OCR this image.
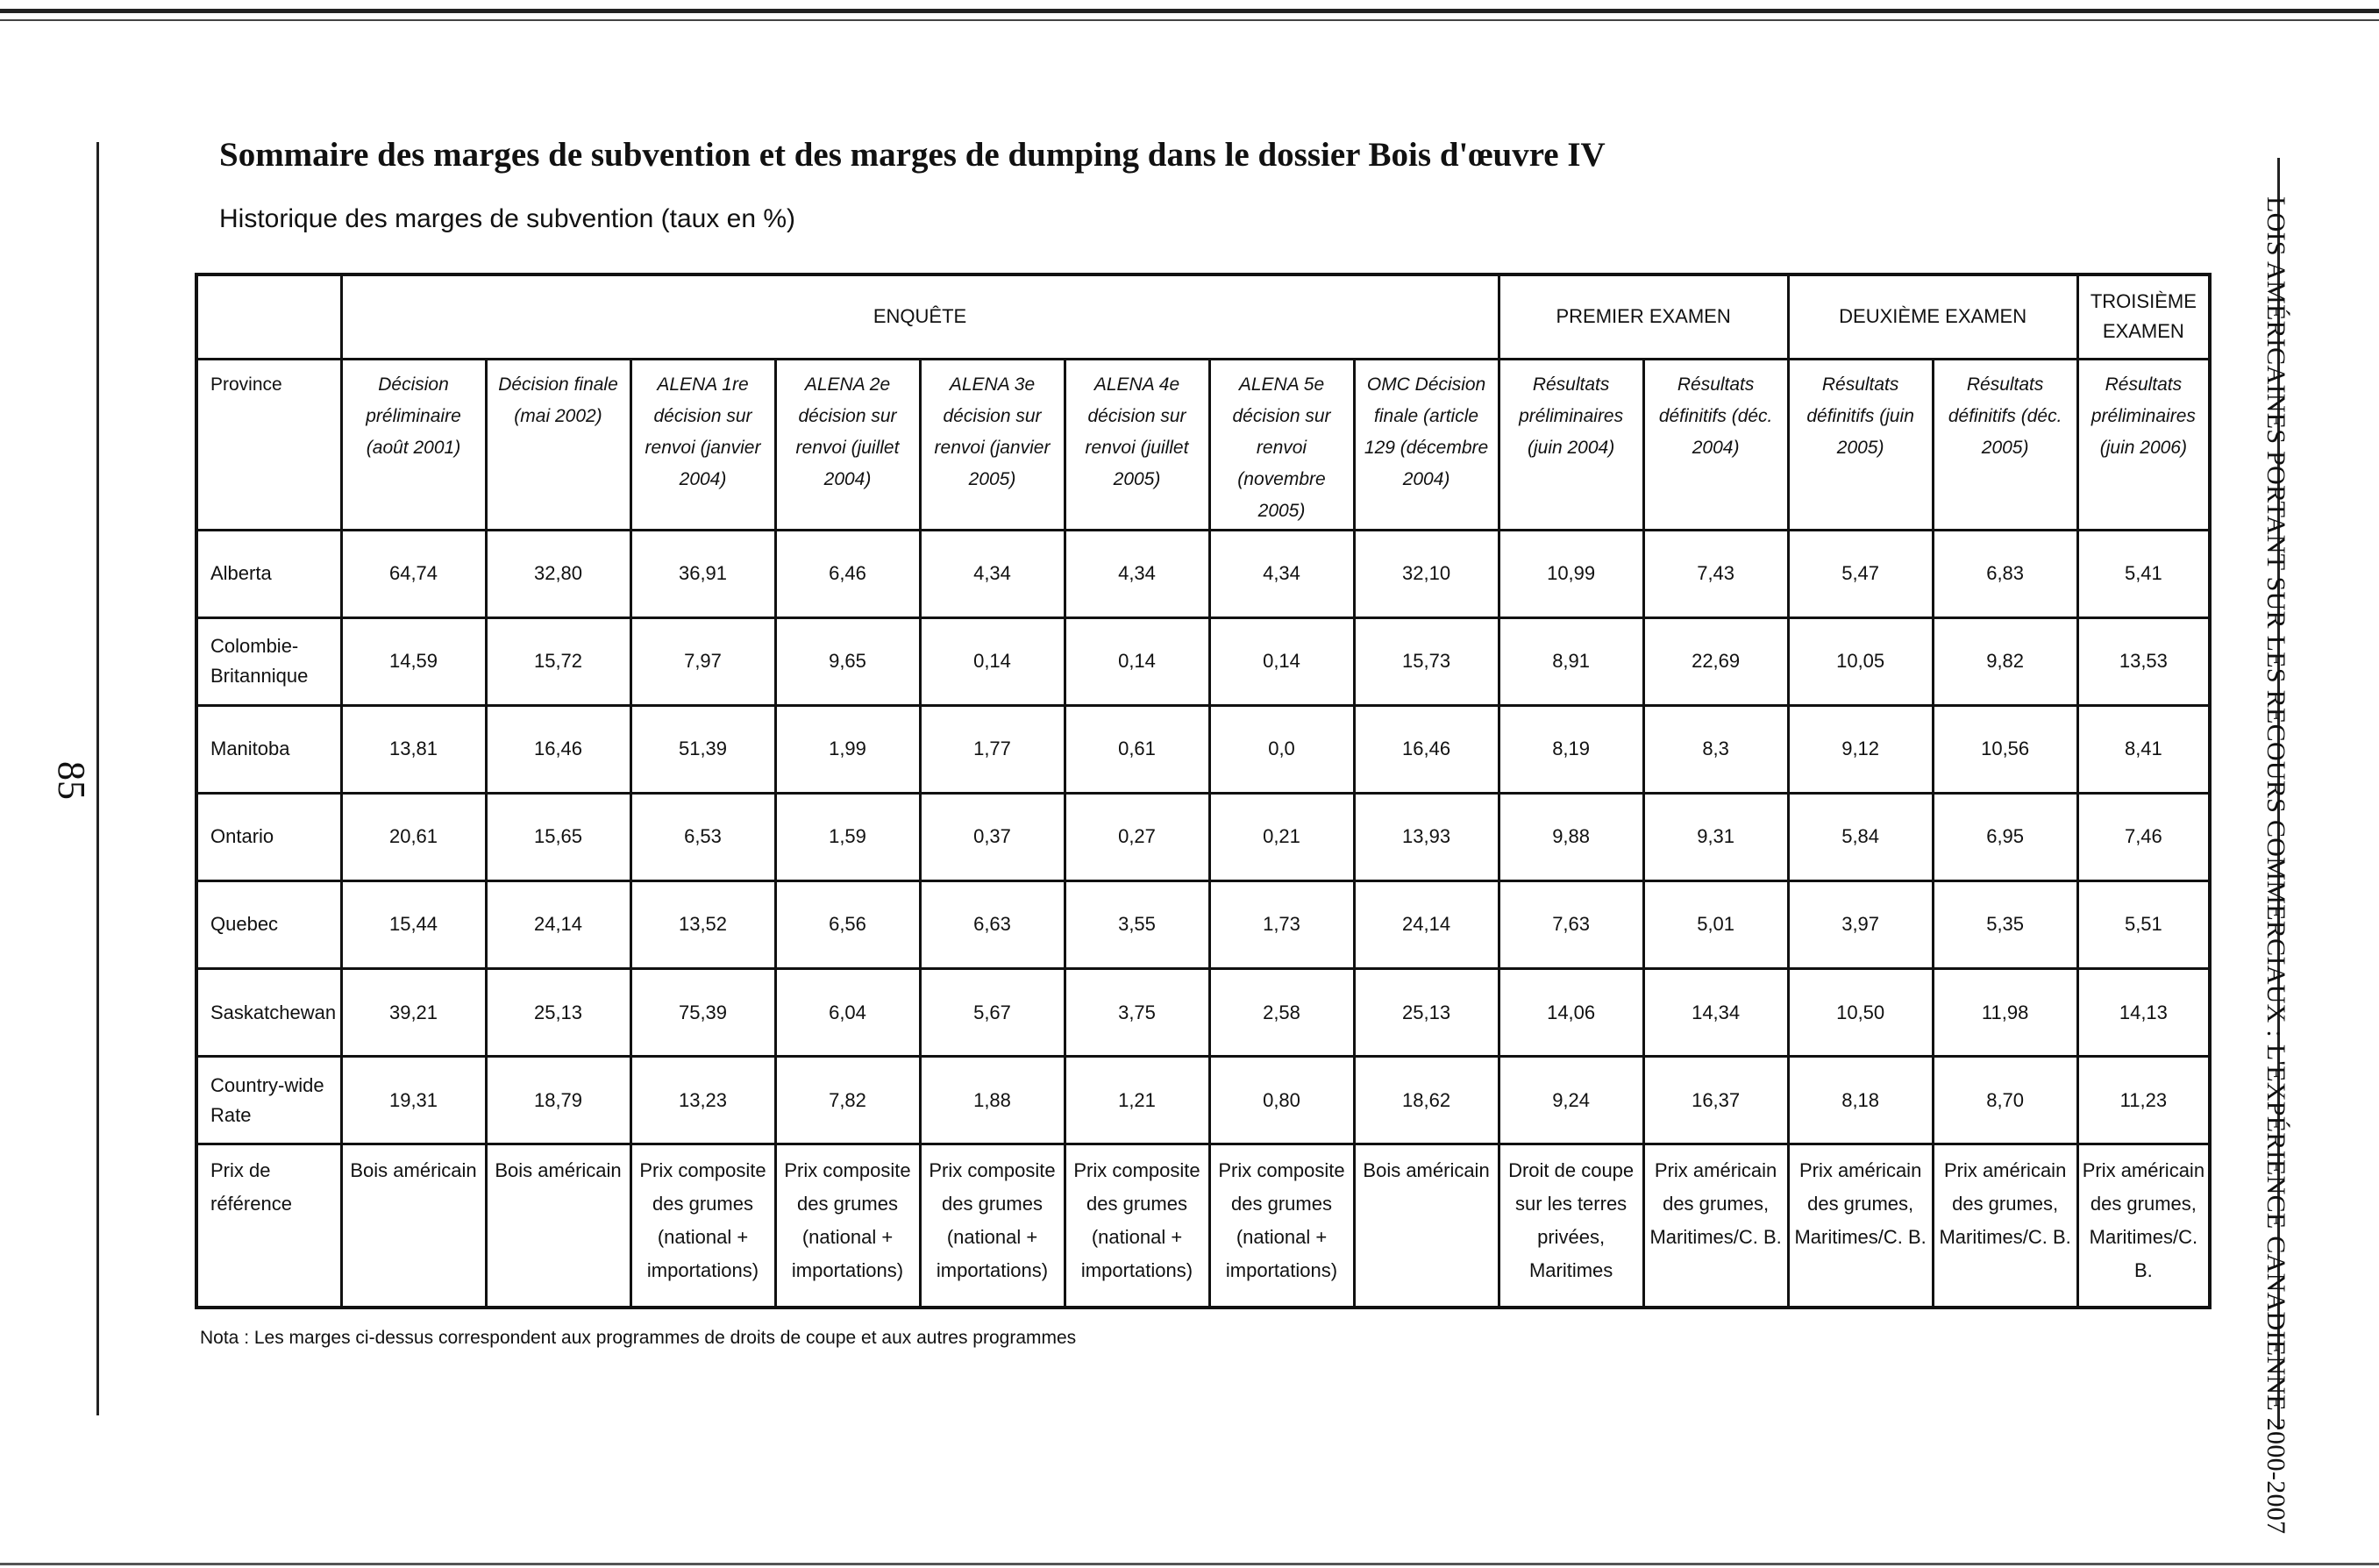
85	LOIS AMÉRICAINES PORTANT SUR LES RECOURS COMMERCIAUX : L'EXPÉRIENCE CANADIENNE 2000-2007
Sommaire des marges de subvention et des marges de dumping dans le dossier Bois d'œuvre IV
Historique des marges de subvention (taux en %)
	ENQUÊTE								PREMIER EXAMEN		DEUXIÈME EXAMEN		TROISIÈME EXAMEN
Province	Décision préliminaire (août 2001)	Décision finale (mai 2002)	ALENA 1re décision sur renvoi (janvier 2004)	ALENA 2e décision sur renvoi (juillet 2004)	ALENA 3e décision sur renvoi (janvier 2005)	ALENA 4e décision sur renvoi (juillet 2005)	ALENA 5e décision sur renvoi (novembre 2005)	OMC Décision finale (article 129 (décembre 2004)	Résultats préliminaires (juin 2004)	Résultats définitifs (déc. 2004)	Résultats définitifs (juin 2005)	Résultats définitifs (déc. 2005)	Résultats préliminaires (juin 2006)
Alberta	64,74	32,80	36,91	6,46	4,34	4,34	4,34	32,10	10,99	7,43	5,47	6,83	5,41
Colombie-Britannique	14,59	15,72	7,97	9,65	0,14	0,14	0,14	15,73	8,91	22,69	10,05	9,82	13,53
Manitoba	13,81	16,46	51,39	1,99	1,77	0,61	0,0	16,46	8,19	8,3	9,12	10,56	8,41
Ontario	20,61	15,65	6,53	1,59	0,37	0,27	0,21	13,93	9,88	9,31	5,84	6,95	7,46
Quebec	15,44	24,14	13,52	6,56	6,63	3,55	1,73	24,14	7,63	5,01	3,97	5,35	5,51
Saskatchewan	39,21	25,13	75,39	6,04	5,67	3,75	2,58	25,13	14,06	14,34	10,50	11,98	14,13
Country-wide Rate	19,31	18,79	13,23	7,82	1,88	1,21	0,80	18,62	9,24	16,37	8,18	8,70	11,23
Prix de référence	Bois américain	Bois américain	Prix composite des grumes (national + importations)	Prix composite des grumes (national + importations)	Prix composite des grumes (national + importations)	Prix composite des grumes (national + importations)	Prix composite des grumes (national + importations)	Bois américain	Droit de coupe sur les terres privées, Maritimes	Prix américain des grumes, Maritimes/C. B.	Prix américain des grumes, Maritimes/C. B.	Prix américain des grumes, Maritimes/C. B.	Prix américain des grumes, Maritimes/C. B.
Nota : Les marges ci-dessus correspondent aux programmes de droits de coupe et aux autres programmes
